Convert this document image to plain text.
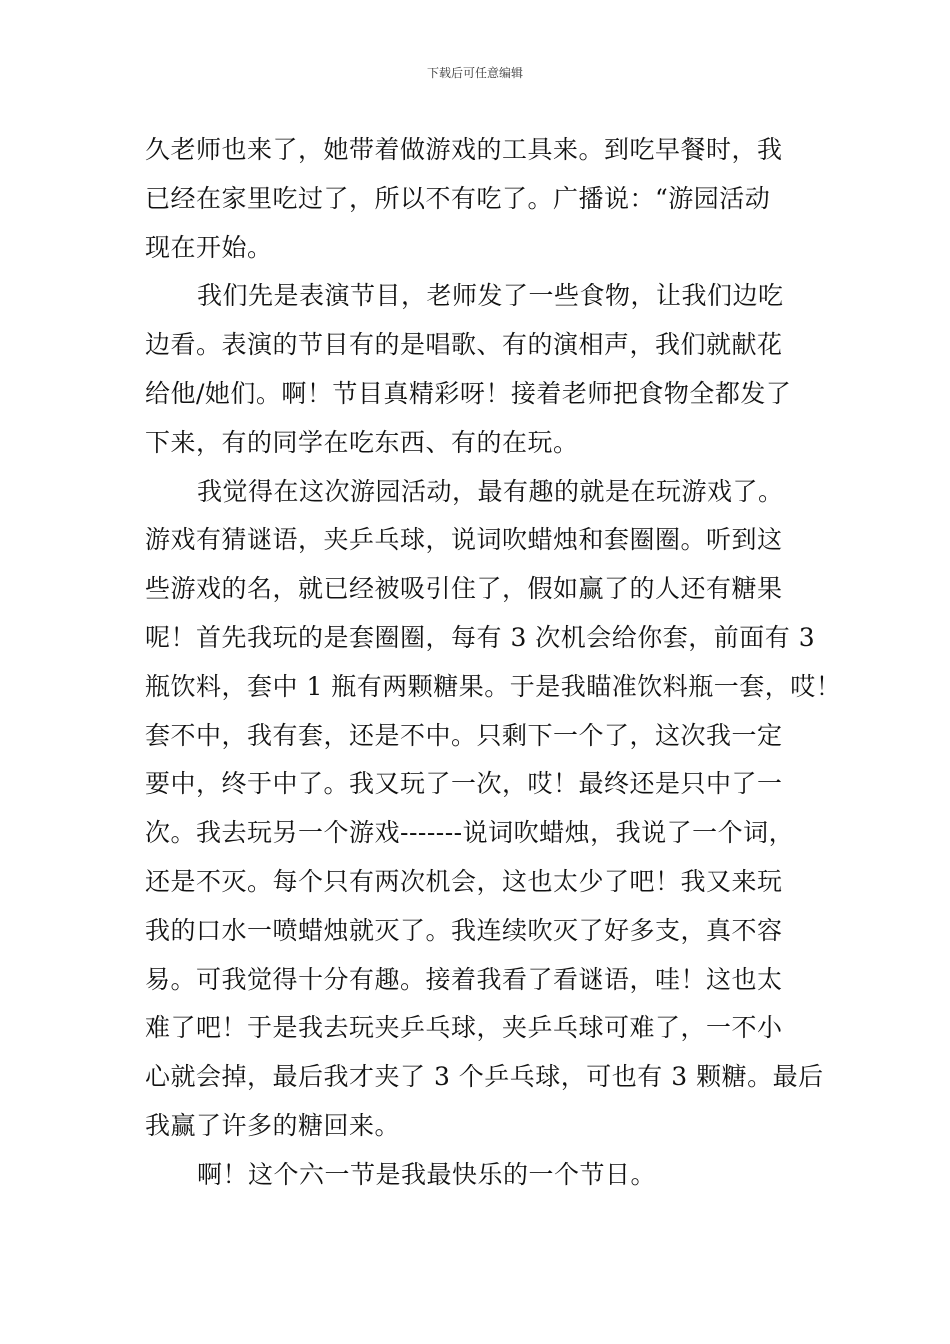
下载后可任意编辑
久老师也来了，她带着做游戏的工具来。到吃早餐时，我
已经在家里吃过了，所以不有吃了。广播说：“游园活动
现在开始。
我们先是表演节目，老师发了一些食物，让我们边吃
边看。表演的节目有的是唱歌、有的演相声，我们就献花
给他/她们。啊！节目真精彩呀！接着老师把食物全都发了
下来，有的同学在吃东西、有的在玩。
我觉得在这次游园活动，最有趣的就是在玩游戏了。
游戏有猜谜语，夹乒乓球，说词吹蜡烛和套圈圈。听到这
些游戏的名，就已经被吸引住了，假如赢了的人还有糖果
呢！首先我玩的是套圈圈，每有 3 次机会给你套，前面有 3
瓶饮料，套中 1 瓶有两颗糖果。于是我瞄准饮料瓶一套，哎！
套不中，我有套，还是不中。只剩下一个了，这次我一定
要中，终于中了。我又玩了一次，哎！最终还是只中了一
次。我去玩另一个游戏-------说词吹蜡烛，我说了一个词，
还是不灭。每个只有两次机会，这也太少了吧！我又来玩
我的口水一喷蜡烛就灭了。我连续吹灭了好多支，真不容
易。可我觉得十分有趣。接着我看了看谜语，哇！这也太
难了吧！于是我去玩夹乒乓球，夹乒乓球可难了，一不小
心就会掉，最后我才夹了 3 个乒乓球，可也有 3 颗糖。最后
我赢了许多的糖回来。
啊！这个六一节是我最快乐的一个节日。
